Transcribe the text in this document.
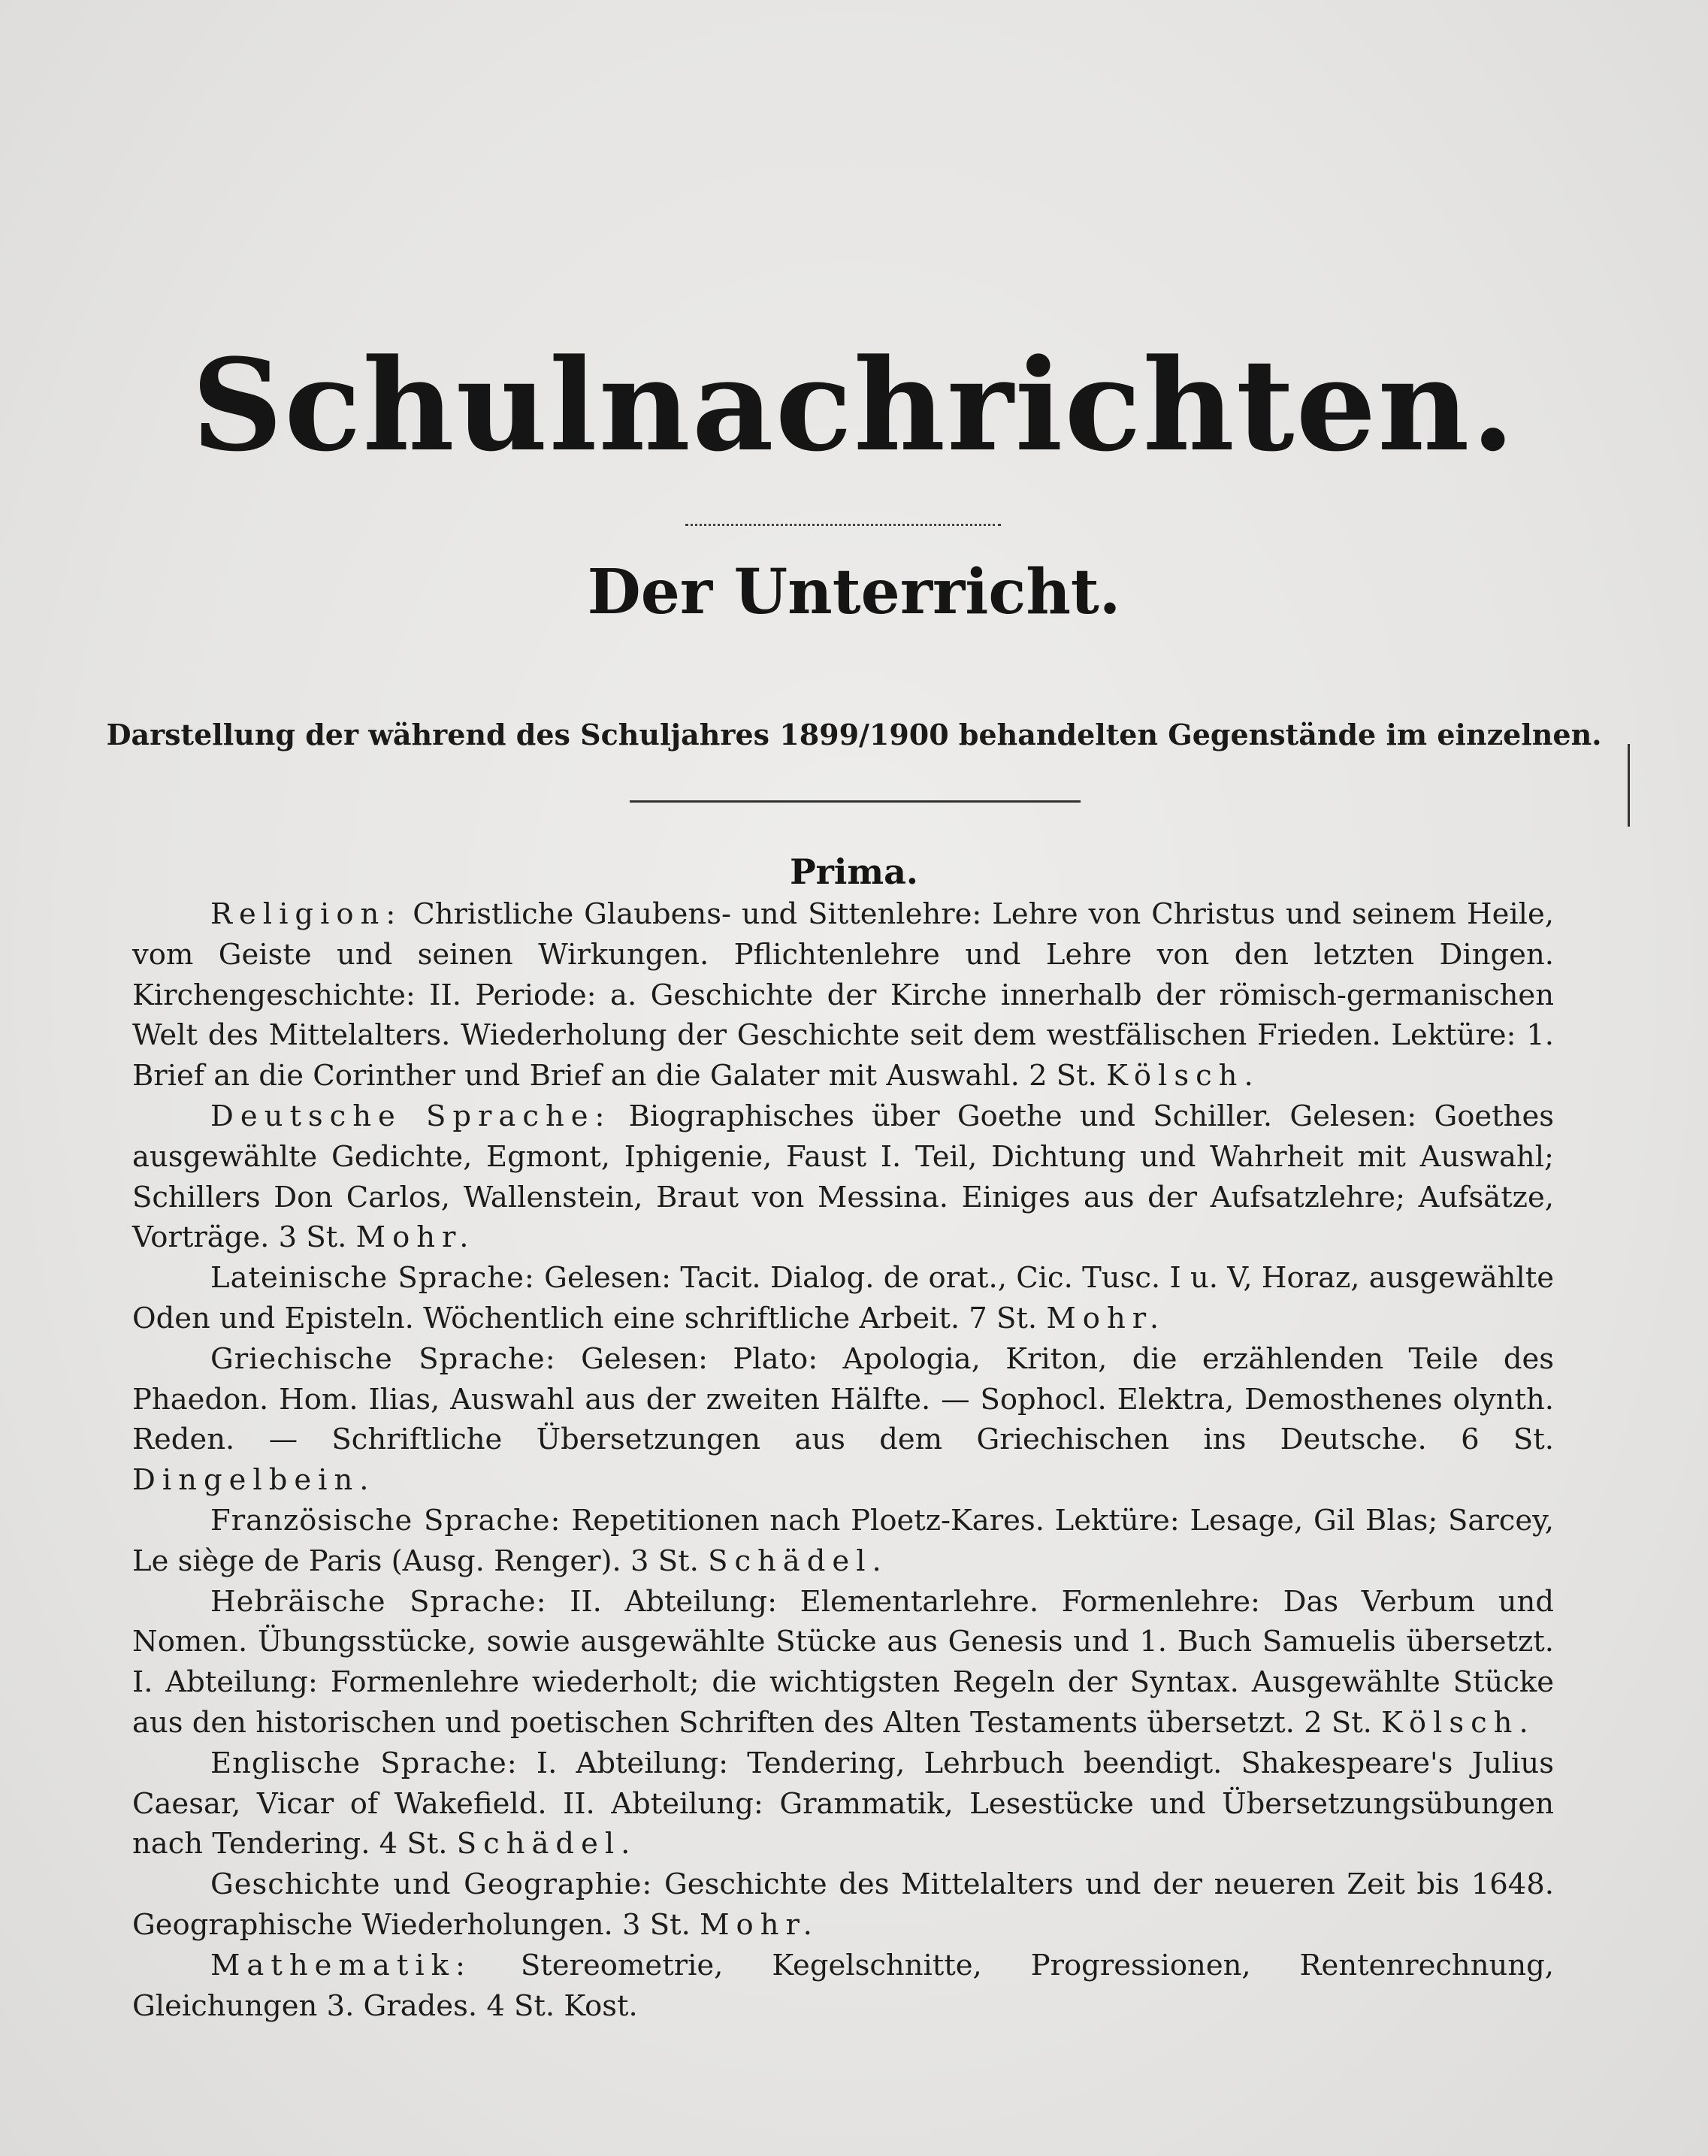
Schulnachrichten.
Der Unterricht.
Darstellung der während des Schuljahres 1899/1900 behandelten Gegenstände im einzelnen.
Prima.

Religion: Christliche Glaubens- und Sittenlehre: Lehre von Christus und seinem Heile, vom Geiste und seinen Wirkungen. Pflichtenlehre und Lehre von den letzten Dingen. Kirchengeschichte: II. Periode: a. Geschichte der Kirche innerhalb der römisch-germanischen Welt des Mittelalters. Wiederholung der Geschichte seit dem westfälischen Frieden. Lektüre: 1. Brief an die Corinther und Brief an die Galater mit Auswahl. 2 St. Kölsch.

Deutsche Sprache: Biographisches über Goethe und Schiller. Gelesen: Goethes ausgewählte Gedichte, Egmont, Iphigenie, Faust I. Teil, Dichtung und Wahrheit mit Auswahl; Schillers Don Carlos, Wallenstein, Braut von Messina. Einiges aus der Aufsatzlehre; Aufsätze, Vorträge. 3 St. Mohr.

Lateinische Sprache: Gelesen: Tacit. Dialog. de orat., Cic. Tusc. I u. V, Horaz, ausgewählte Oden und Episteln. Wöchentlich eine schriftliche Arbeit. 7 St. Mohr.

Griechische Sprache: Gelesen: Plato: Apologia, Kriton, die erzählenden Teile des Phaedon. Hom. Ilias, Auswahl aus der zweiten Hälfte. — Sophocl. Elektra, Demosthenes olynth. Reden. — Schriftliche Übersetzungen aus dem Griechischen ins Deutsche. 6 St. Dingelbein.

Französische Sprache: Repetitionen nach Ploetz-Kares. Lektüre: Lesage, Gil Blas; Sarcey, Le siège de Paris (Ausg. Renger). 3 St. Schädel.

Hebräische Sprache: II. Abteilung: Elementarlehre. Formenlehre: Das Verbum und Nomen. Übungsstücke, sowie ausgewählte Stücke aus Genesis und 1. Buch Samuelis übersetzt. I. Abteilung: Formenlehre wiederholt; die wichtigsten Regeln der Syntax. Ausgewählte Stücke aus den historischen und poetischen Schriften des Alten Testaments übersetzt. 2 St. Kölsch.

Englische Sprache: I. Abteilung: Tendering, Lehrbuch beendigt. Shakespeare's Julius Caesar, Vicar of Wakefield. II. Abteilung: Grammatik, Lesestücke und Übersetzungsübungen nach Tendering. 4 St. Schädel.

Geschichte und Geographie: Geschichte des Mittelalters und der neueren Zeit bis 1648. Geographische Wiederholungen. 3 St. Mohr.

Mathematik: Stereometrie, Kegelschnitte, Progressionen, Rentenrechnung, Gleichungen 3. Grades. 4 St. Kost.
